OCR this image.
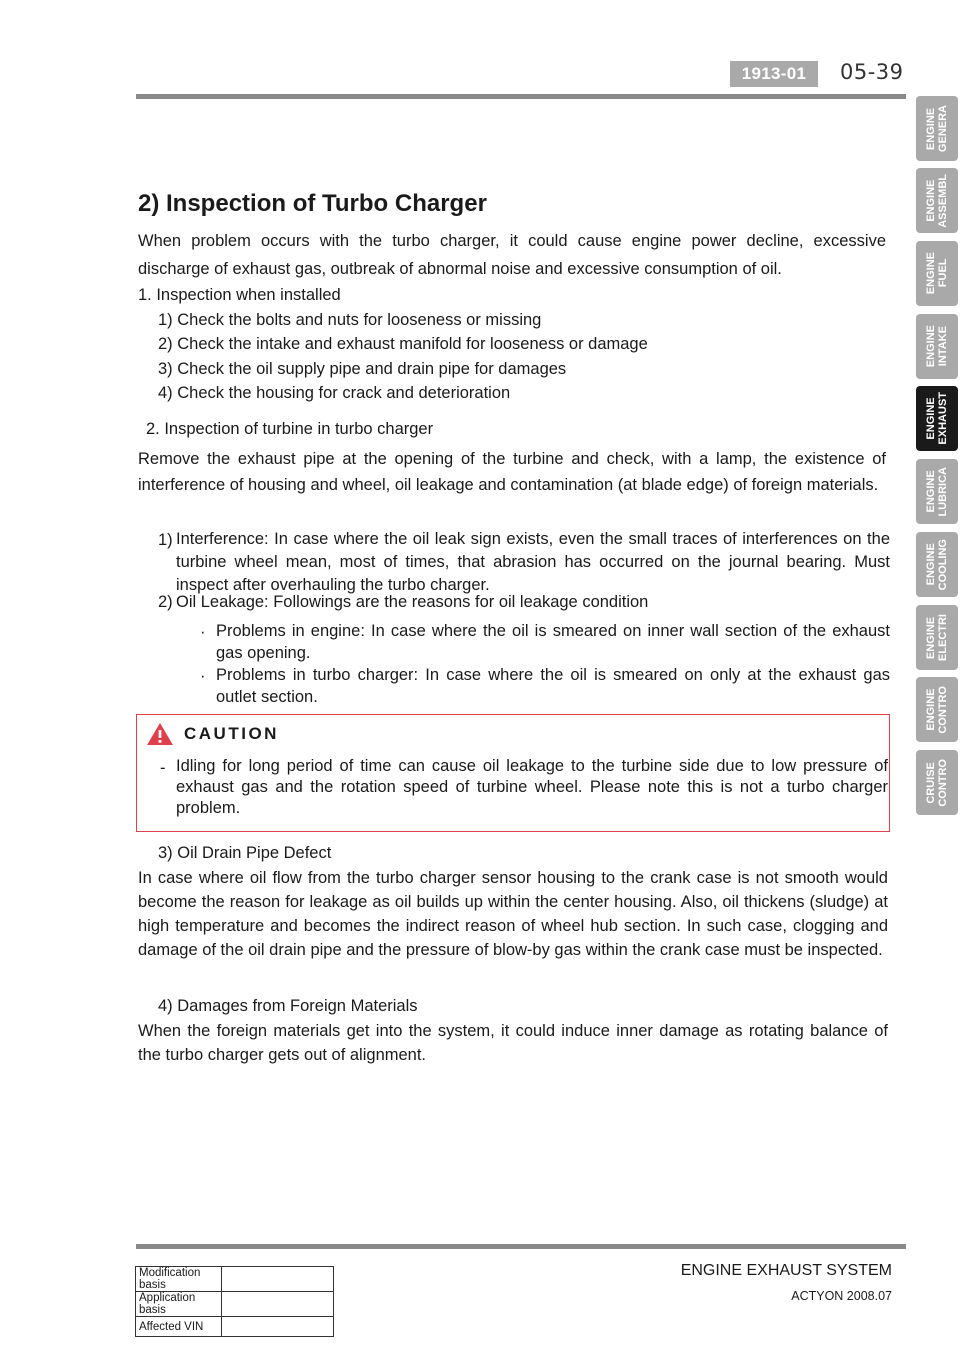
1913-01	05-39
ENGINE
GENERA
ENGINE
ASSEMBL
ENGINE
FUEL
ENGINE
INTAKE
ENGINE
EXHAUST
ENGINE
LUBRICA
ENGINE
COOLING
ENGINE
ELECTRI
ENGINE
CONTRO
CRUISE
CONTRO
2) Inspection of Turbo Charger
When problem occurs with the turbo charger, it could cause engine power decline, excessive discharge of exhaust gas, outbreak of abnormal noise and excessive consumption of oil.
1. Inspection when installed
1) Check the bolts and nuts for looseness or missing
2) Check the intake and exhaust manifold for looseness or damage
3) Check the oil supply pipe and drain pipe for damages
4) Check the housing for crack and deterioration
2. Inspection of turbine in turbo charger
Remove the exhaust pipe at the opening of the turbine and check, with a lamp, the existence of interference of housing and wheel, oil leakage and contamination (at blade edge) of foreign materials.
1) Interference: In case where the oil leak sign exists, even the small traces of interferences on the turbine wheel mean, most of times, that abrasion has occurred on the journal bearing. Must inspect after overhauling the turbo charger.
2) Oil Leakage: Followings are the reasons for oil leakage condition
· Problems in engine: In case where the oil is smeared on inner wall section of the exhaust gas opening.
· Problems in turbo charger: In case where the oil is smeared on only at the exhaust gas outlet section.
CAUTION
- Idling for long period of time can cause oil leakage to the turbine side due to low pressure of exhaust gas and the rotation speed of turbine wheel. Please note this is not a turbo charger problem.
3) Oil Drain Pipe Defect
In case where oil flow from the turbo charger sensor housing to the crank case is not smooth would become the reason for leakage as oil builds up within the center housing. Also, oil thickens (sludge) at high temperature and becomes the indirect reason of wheel hub section. In such case, clogging and damage of the oil drain pipe and the pressure of blow-by gas within the crank case must be inspected.
4) Damages from Foreign Materials
When the foreign materials get into the system, it could induce inner damage as rotating balance of the turbo charger gets out of alignment.
ENGINE EXHAUST SYSTEM
ACTYON 2008.07
Modification basis	
Application basis	
Affected VIN	
